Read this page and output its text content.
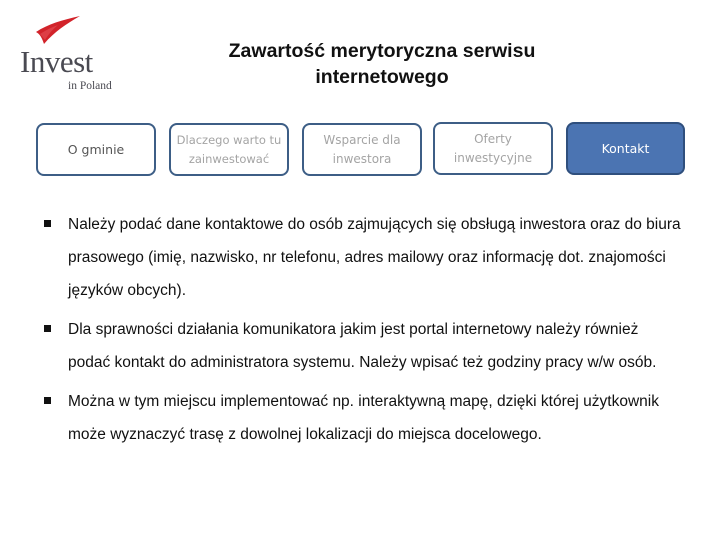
Invest
in Poland
Zawartość merytoryczna serwisu internetowego
O gminie
Dlaczego warto tu zainwestować
Wsparcie dla inwestora
Oferty inwestycyjne
Kontakt
Należy podać dane kontaktowe do osób zajmujących się obsługą inwestora oraz do biura prasowego (imię, nazwisko, nr telefonu, adres mailowy oraz informację dot. znajomości języków obcych).
Dla sprawności działania komunikatora jakim jest portal internetowy należy również podać kontakt do administratora systemu. Należy wpisać też godziny pracy w/w osób.
Można w tym miejscu implementować np. interaktywną mapę, dzięki której użytkownik może wyznaczyć trasę z dowolnej lokalizacji do miejsca docelowego.
